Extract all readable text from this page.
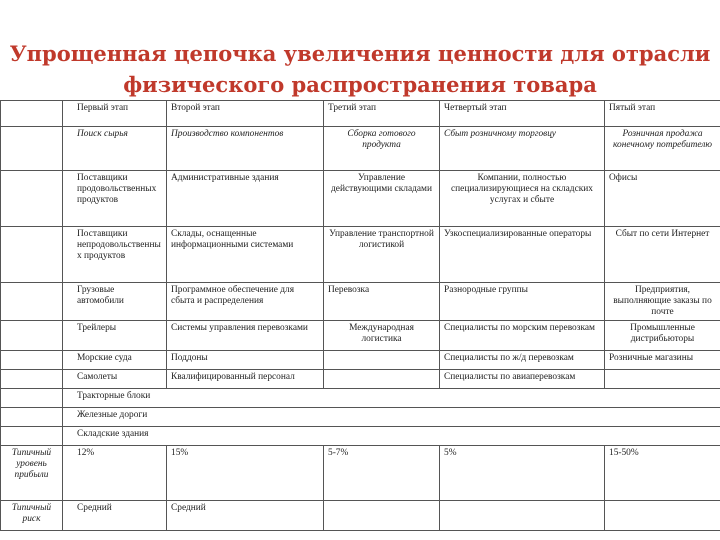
Упрощенная цепочка увеличения ценности для отрасли
физического распространения товара
	Первый этап	Второй этап	Третий этап	Четвертый этап	Пятый этап
	Поиск сырья	Производство компонентов	Сборка готового продукта	Сбыт розничному торговцу	Розничная продажа конечному потребителю
	Поставщики продовольственных продуктов	Административные здания	Управление действующими складами	Компании, полностью специализирующиеся на складских услугах и сбыте	Офисы
	Поставщики непродовольственных продуктов	Склады, оснащенные информационными системами	Управление транспортной логистикой	Узкоспециализированные операторы	Сбыт по сети Интернет
	Грузовые автомобили	Программное обеспечение для сбыта и распределения	Перевозка	Разнородные группы	Предприятия, выполняющие заказы по почте
	Трейлеры	Системы управления перевозками	Международная логистика	Специалисты по морским перевозкам	Промышленные дистрибьюторы
	Морские суда	Поддоны		Специалисты по ж/д перевозкам	Розничные магазины
	Самолеты	Квалифицированный персонал		Специалисты по авиаперевозкам	
	Тракторные блоки				
	Железные дороги				
	Складские здания				
Типичный уровень прибыли	12%	15%	5-7%	5%	15-50%
Типичный риск	Средний	Средний			
